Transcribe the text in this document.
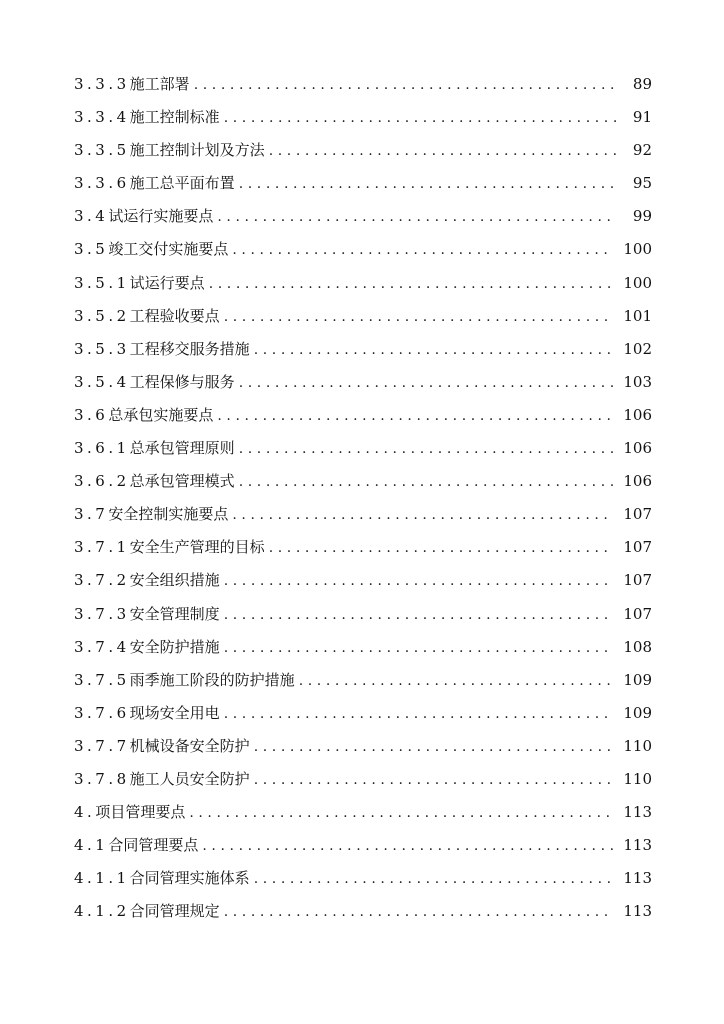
3.3.3施工部署 .....	89
3.3.4施工控制标准 .....	91
3.3.5施工控制计划及方法 .....	92
3.3.6施工总平面布置 .....	95
3.4试运行实施要点 .....	99
3.5竣工交付实施要点 .....	100
3.5.1试运行要点 .....	100
3.5.2工程验收要点 .....	101
3.5.3工程移交服务措施 .....	102
3.5.4工程保修与服务 .....	103
3.6总承包实施要点 .....	106
3.6.1总承包管理原则 .....	106
3.6.2总承包管理模式 .....	106
3.7安全控制实施要点 .....	107
3.7.1安全生产管理的目标 .....	107
3.7.2安全组织措施 .....	107
3.7.3安全管理制度 .....	107
3.7.4安全防护措施 .....	108
3.7.5雨季施工阶段的防护措施 .....	109
3.7.6现场安全用电 .....	109
3.7.7机械设备安全防护 .....	110
3.7.8施工人员安全防护 .....	110
4.项目管理要点 .....	113
4.1合同管理要点 .....	113
4.1.1合同管理实施体系 .....	113
4.1.2合同管理规定 .....	113
